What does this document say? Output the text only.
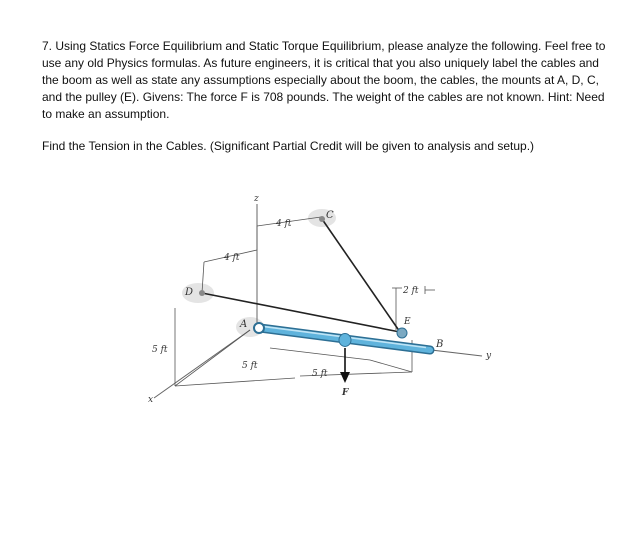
7. Using Statics Force Equilibrium and Static Torque Equilibrium, please analyze the following. Feel free to use any old Physics formulas. As future engineers, it is critical that you also uniquely label the cables and the boom as well as state any assumptions especially about the boom, the cables, the mounts at A, D, C, and the pulley (E). Givens: The force F is 708 pounds. The weight of the cables are not known. Hint: Need to make an assumption.

Find the Tension in the Cables. (Significant Partial Credit will be given to analysis and setup.)

z
x
y
A
B
C
D
E
F
4 ft
4 ft
2 ft
5 ft
5 ft
5 ft
